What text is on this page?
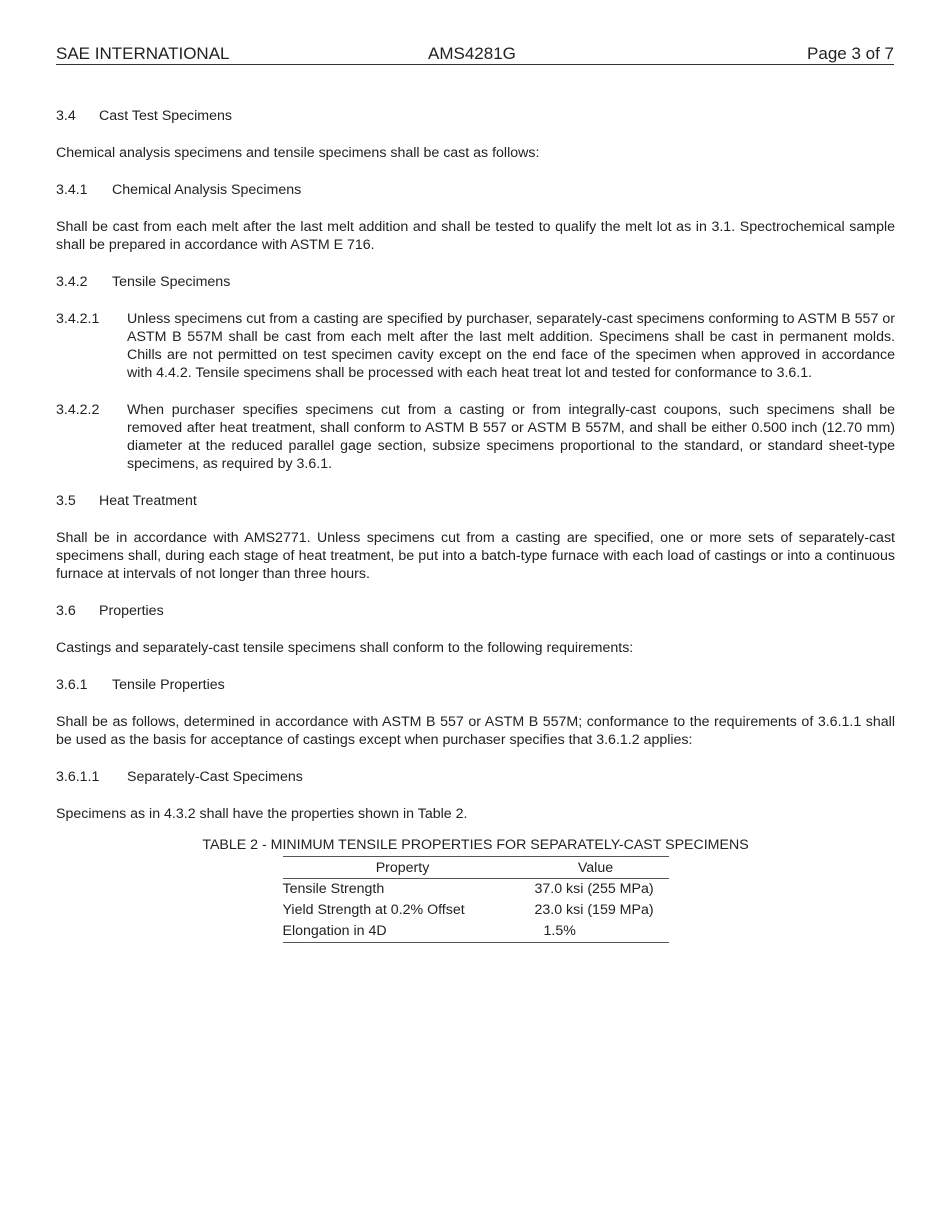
SAE INTERNATIONAL	AMS4281G	Page 3 of 7
3.4 Cast Test Specimens

Chemical analysis specimens and tensile specimens shall be cast as follows:

3.4.1 Chemical Analysis Specimens

Shall be cast from each melt after the last melt addition and shall be tested to qualify the melt lot as in 3.1. Spectrochemical sample shall be prepared in accordance with ASTM E 716.

3.4.2 Tensile Specimens
3.4.2.1	Unless specimens cut from a casting are specified by purchaser, separately-cast specimens conforming to ASTM B 557 or ASTM B 557M shall be cast from each melt after the last melt addition. Specimens shall be cast in permanent molds. Chills are not permitted on test specimen cavity except on the end face of the specimen when approved in accordance with 4.4.2. Tensile specimens shall be processed with each heat treat lot and tested for conformance to 3.6.1.
3.4.2.2	When purchaser specifies specimens cut from a casting or from integrally-cast coupons, such specimens shall be removed after heat treatment, shall conform to ASTM B 557 or ASTM B 557M, and shall be either 0.500 inch (12.70 mm) diameter at the reduced parallel gage section, subsize specimens proportional to the standard, or standard sheet-type specimens, as required by 3.6.1.
3.5 Heat Treatment

Shall be in accordance with AMS2771. Unless specimens cut from a casting are specified, one or more sets of separately-cast specimens shall, during each stage of heat treatment, be put into a batch-type furnace with each load of castings or into a continuous furnace at intervals of not longer than three hours.

3.6 Properties

Castings and separately-cast tensile specimens shall conform to the following requirements:

3.6.1 Tensile Properties

Shall be as follows, determined in accordance with ASTM B 557 or ASTM B 557M; conformance to the requirements of 3.6.1.1 shall be used as the basis for acceptance of castings except when purchaser specifies that 3.6.1.2 applies:

3.6.1.1 Separately-Cast Specimens

Specimens as in 4.3.2 shall have the properties shown in Table 2.

TABLE 2 - MINIMUM TENSILE PROPERTIES FOR SEPARATELY-CAST SPECIMENS
Property	Value
Tensile Strength	37.0 ksi (255 MPa)
Yield Strength at 0.2% Offset	23.0 ksi (159 MPa)
Elongation in 4D	1.5%
